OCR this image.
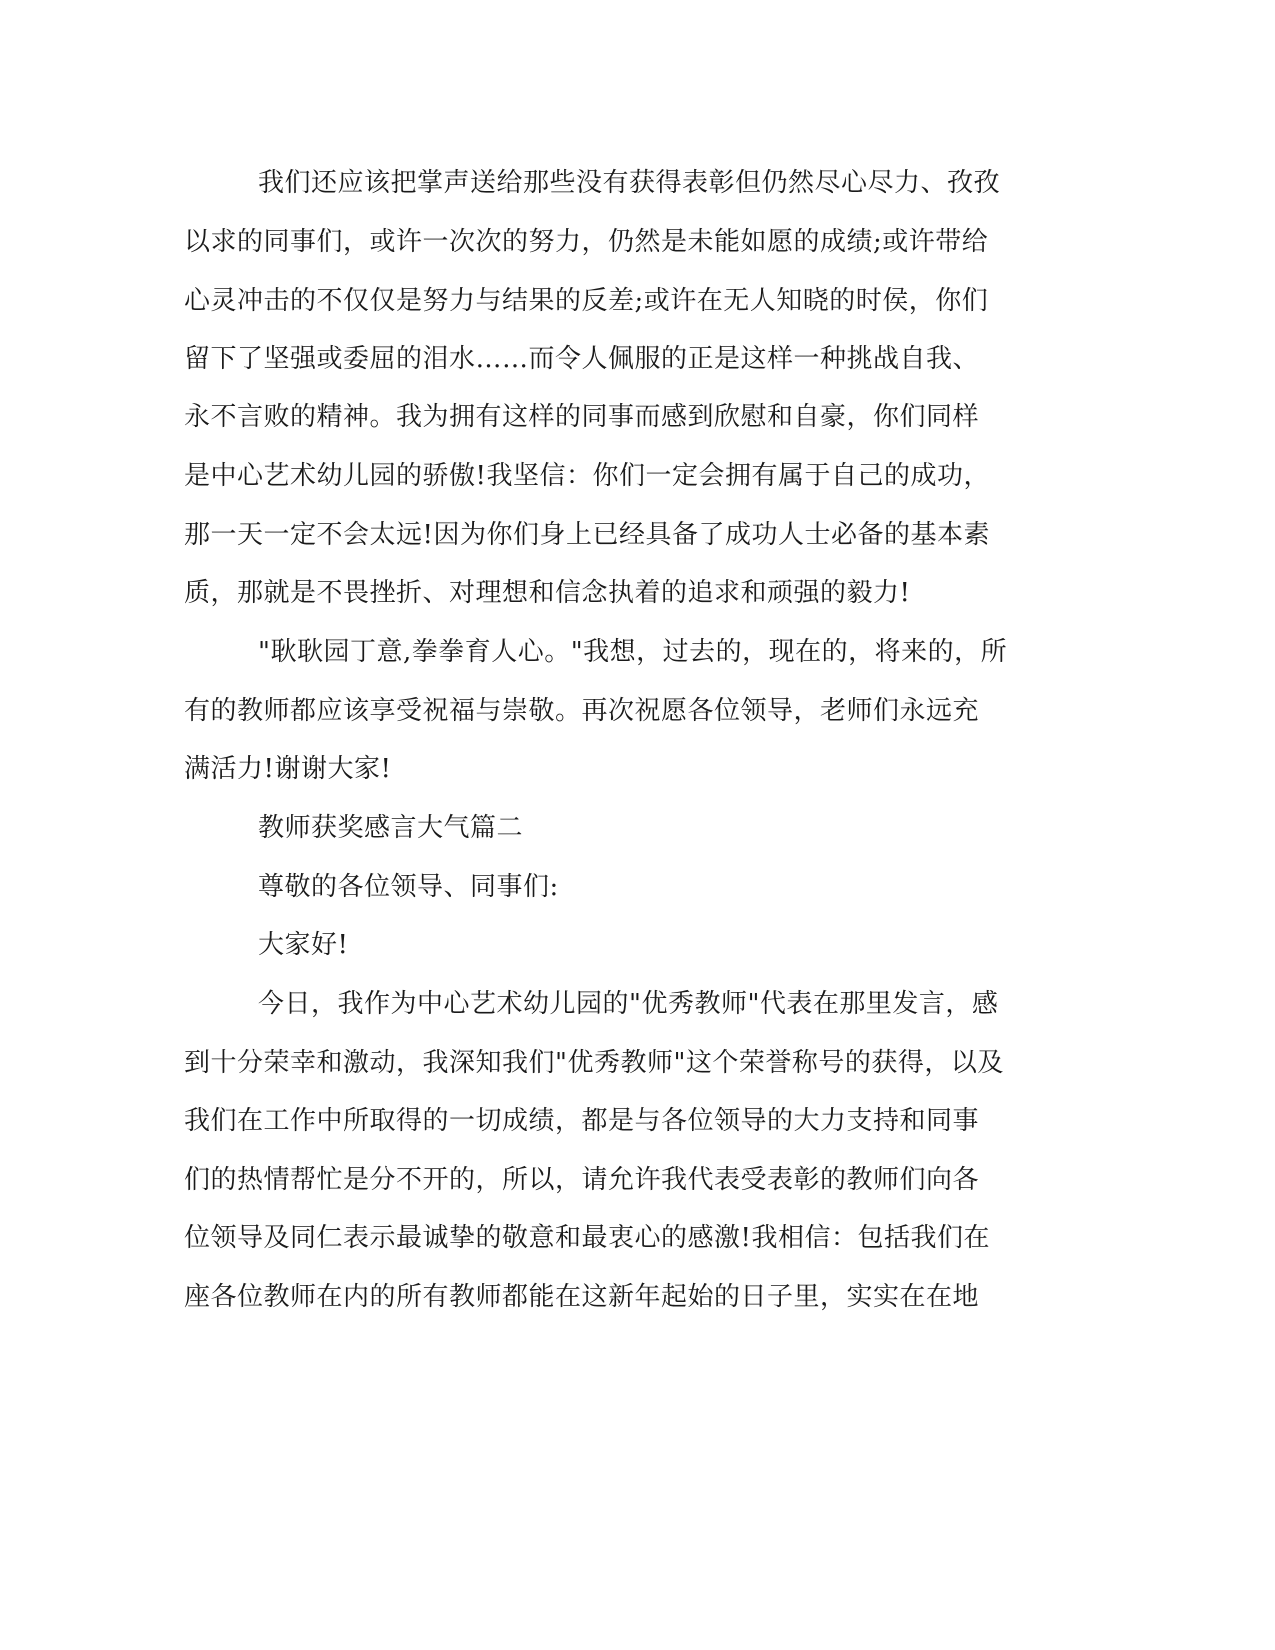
我们还应该把掌声送给那些没有获得表彰但仍然尽心尽力、孜孜
以求的同事们，或许一次次的努力，仍然是未能如愿的成绩;或许带给
心灵冲击的不仅仅是努力与结果的反差;或许在无人知晓的时侯，你们
留下了坚强或委屈的泪水……而令人佩服的正是这样一种挑战自我、
永不言败的精神。我为拥有这样的同事而感到欣慰和自豪，你们同样
是中心艺术幼儿园的骄傲!我坚信：你们一定会拥有属于自己的成功，
那一天一定不会太远!因为你们身上已经具备了成功人士必备的基本素
质，那就是不畏挫折、对理想和信念执着的追求和顽强的毅力!
"耿耿园丁意,拳拳育人心。"我想，过去的，现在的，将来的，所
有的教师都应该享受祝福与崇敬。再次祝愿各位领导，老师们永远充
满活力!谢谢大家!
教师获奖感言大气篇二
尊敬的各位领导、同事们:
大家好!
今日，我作为中心艺术幼儿园的"优秀教师"代表在那里发言，感
到十分荣幸和激动，我深知我们"优秀教师"这个荣誉称号的获得，以及
我们在工作中所取得的一切成绩，都是与各位领导的大力支持和同事
们的热情帮忙是分不开的，所以，请允许我代表受表彰的教师们向各
位领导及同仁表示最诚挚的敬意和最衷心的感激!我相信：包括我们在
座各位教师在内的所有教师都能在这新年起始的日子里，实实在在地
